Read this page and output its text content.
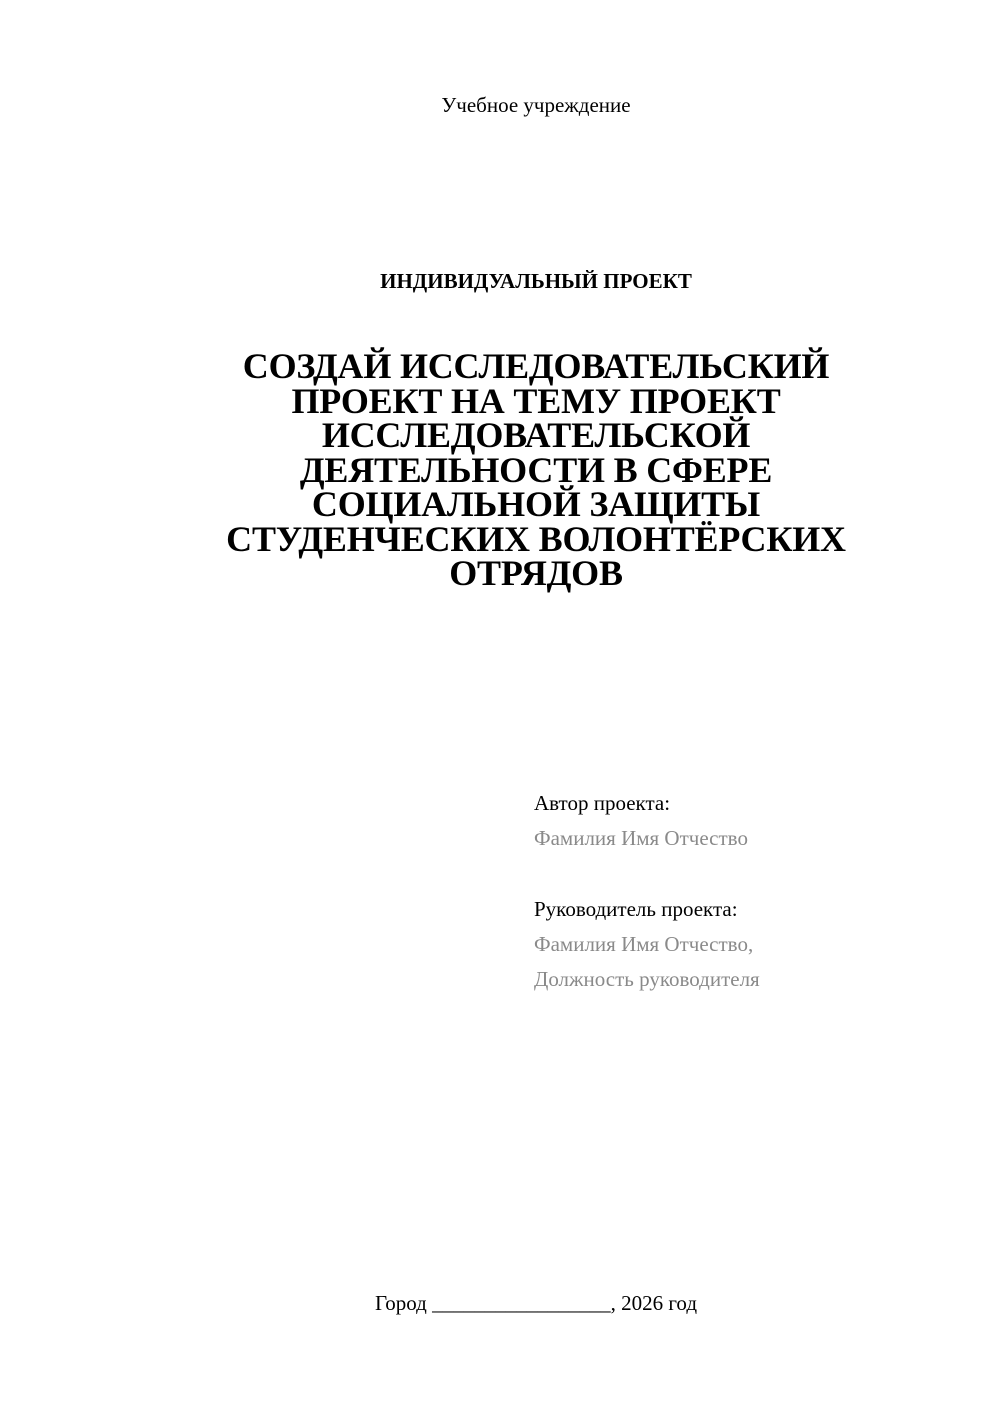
Учебное учреждение
ИНДИВИДУАЛЬНЫЙ ПРОЕКТ
СОЗДАЙ ИССЛЕДОВАТЕЛЬСКИЙ
ПРОЕКТ НА ТЕМУ ПРОЕКТ
ИССЛЕДОВАТЕЛЬСКОЙ
ДЕЯТЕЛЬНОСТИ В СФЕРЕ
СОЦИАЛЬНОЙ ЗАЩИТЫ
СТУДЕНЧЕСКИХ ВОЛОНТЁРСКИХ
ОТРЯДОВ
Автор проекта:
Фамилия Имя Отчество
Руководитель проекта:
Фамилия Имя Отчество,
Должность руководителя
Город _________________, 2026 год
